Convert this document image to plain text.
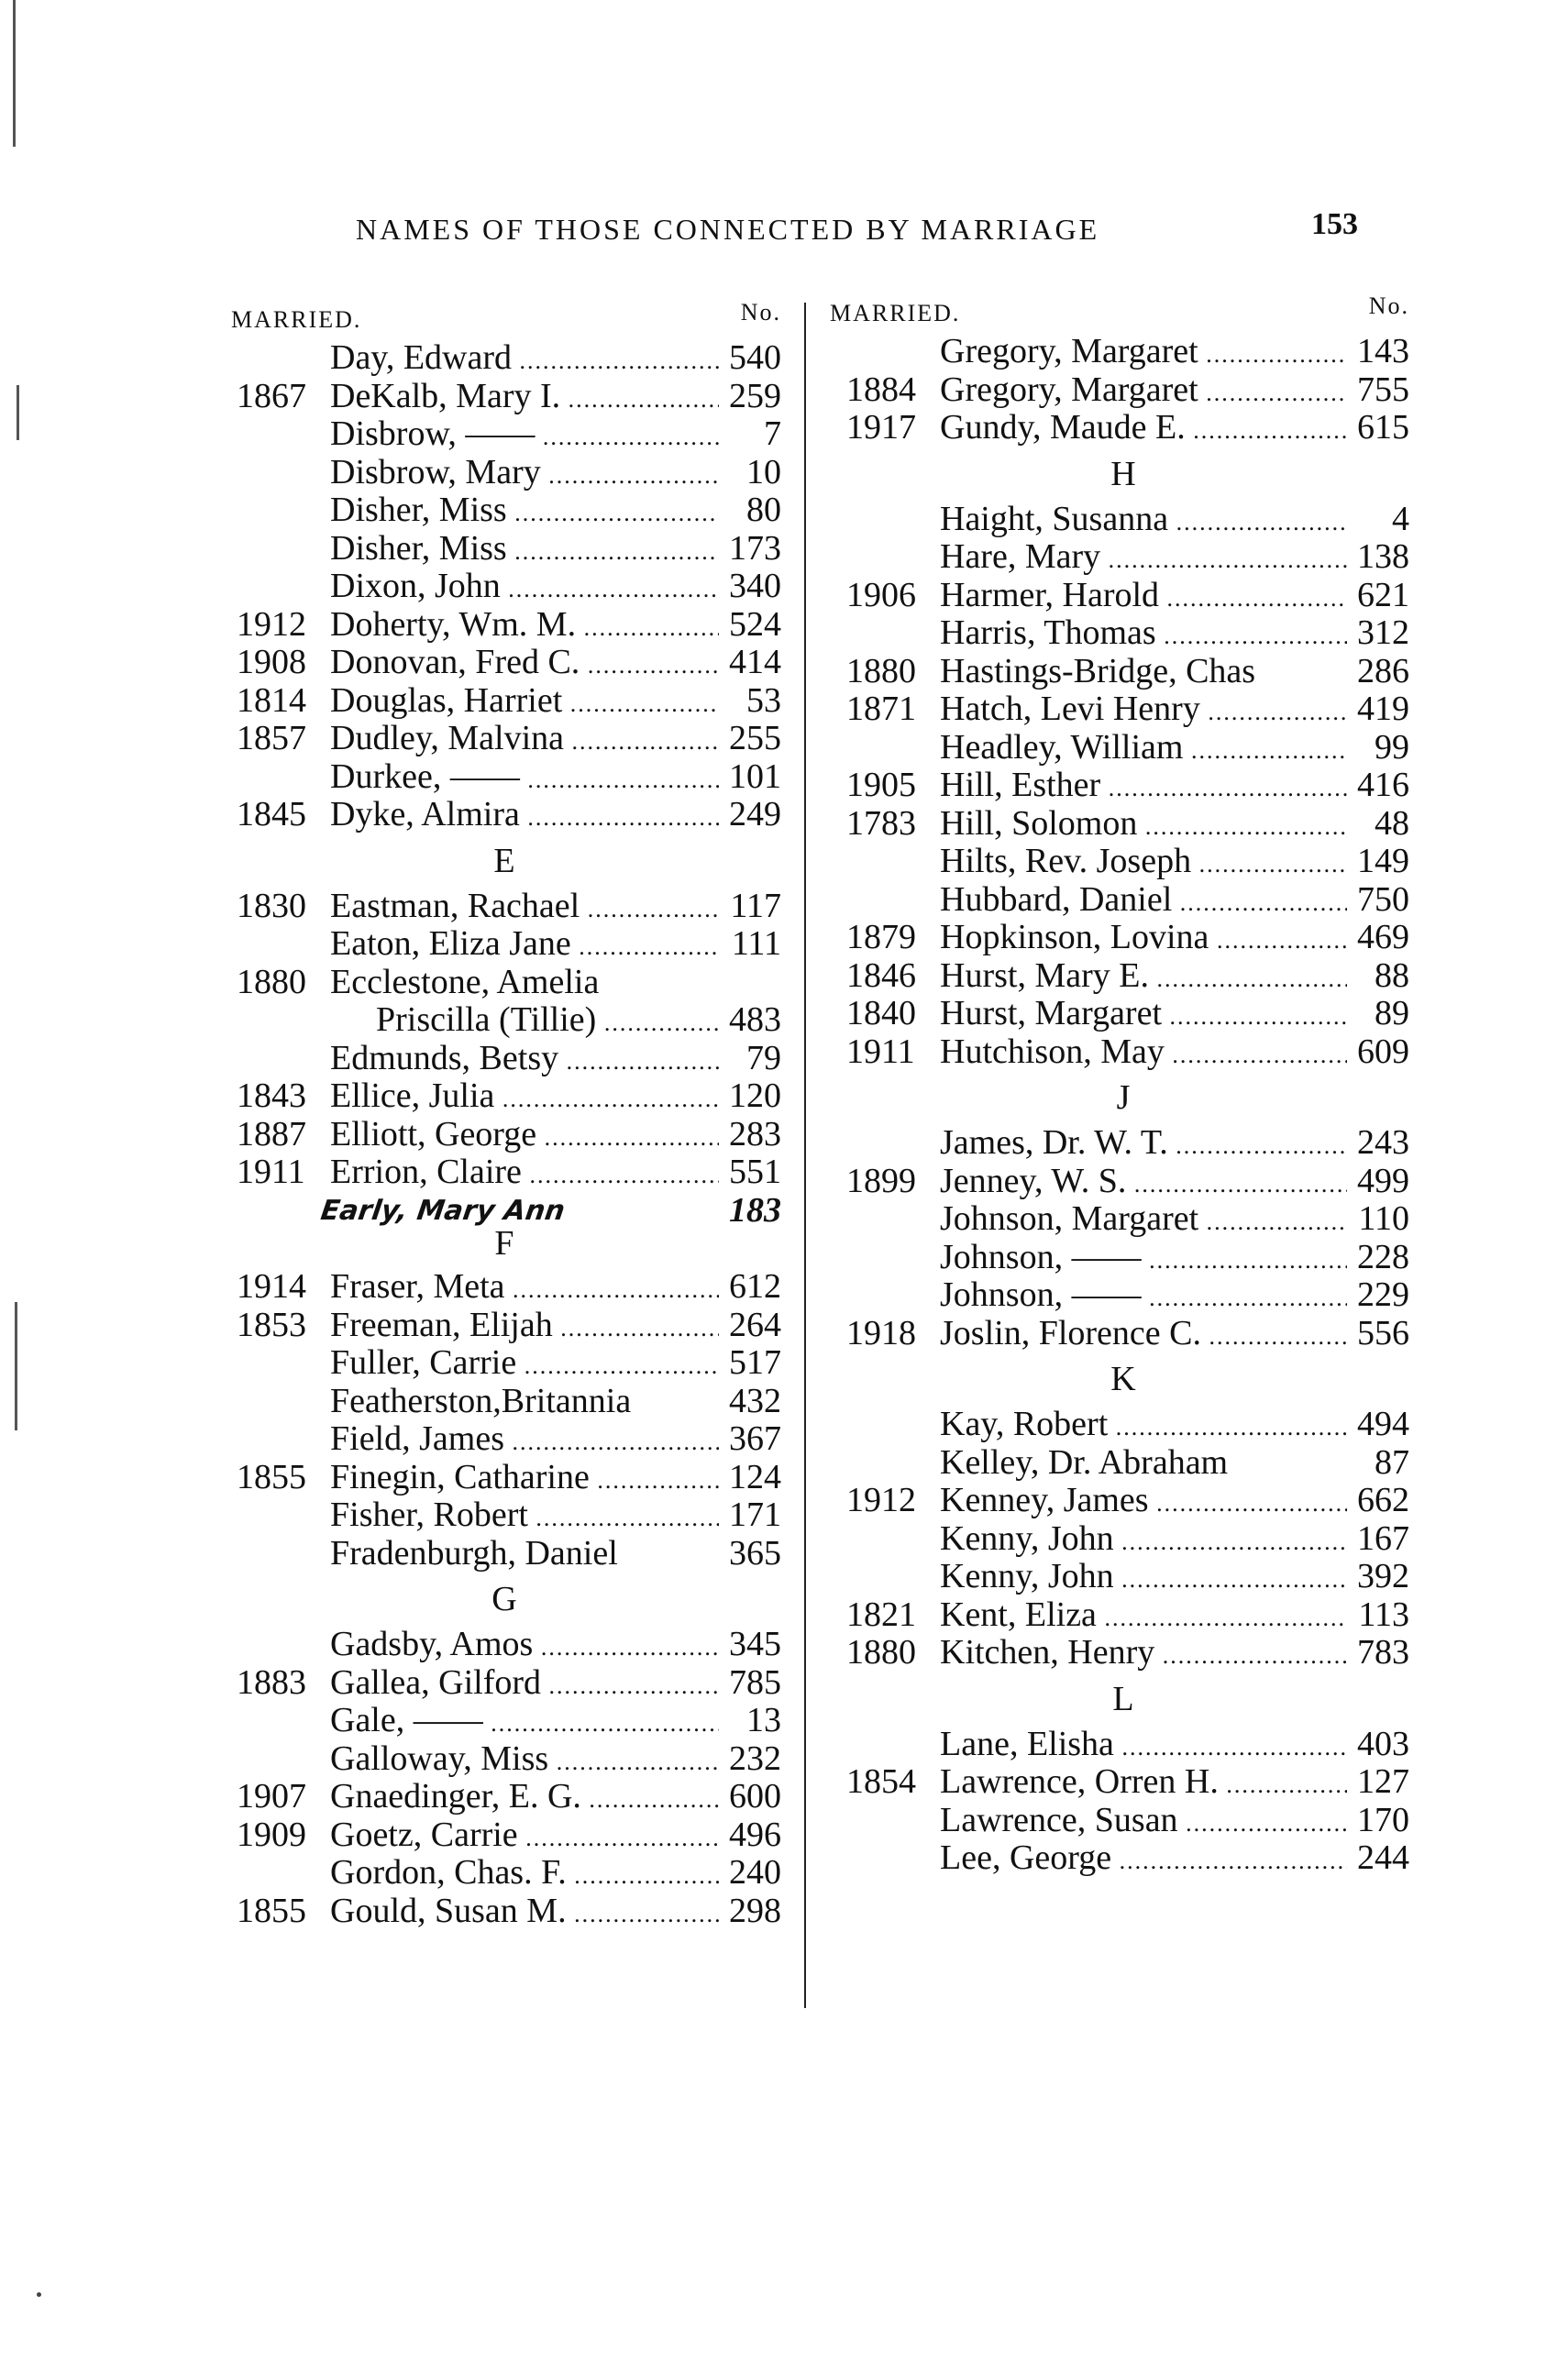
NAMES OF THOSE CONNECTED BY MARRIAGE	153
MARRIED.	No.
Day, Edward .....	540
1867 DeKalb, Mary I. .....	259
Disbrow, —— .....	7
Disbrow, Mary .....	10
Disher, Miss .....	80
Disher, Miss .....	173
Dixon, John .....	340
1912 Doherty, Wm. M. .....	524
1908 Donovan, Fred C. .....	414
1814 Douglas, Harriet .....	53
1857 Dudley, Malvina .....	255
Durkee, —— .....	101
1845 Dyke, Almira .....	249
E
1830 Eastman, Rachael .....	117
Eaton, Eliza Jane .....	111
1880 Ecclestone, Amelia
Priscilla (Tillie) .....	483
Edmunds, Betsy .....	79
1843 Ellice, Julia .....	120
1887 Elliott, George .....	283
1911 Errion, Claire .....	551
Early, Mary Ann	183
F
1914 Fraser, Meta .....	612
1853 Freeman, Elijah .....	264
Fuller, Carrie .....	517
Featherston,Britannia	432
Field, James .....	367
1855 Finegin, Catharine .....	124
Fisher, Robert .....	171
Fradenburgh, Daniel	365
G
Gadsby, Amos .....	345
1883 Gallea, Gilford .....	785
Gale, —— .....	13
Galloway, Miss .....	232
1907 Gnaedinger, E. G. .....	600
1909 Goetz, Carrie .....	496
Gordon, Chas. F. .....	240
1855 Gould, Susan M. .....	298
MARRIED.	No.
Gregory, Margaret .....	143
1884 Gregory, Margaret .....	755
1917 Gundy, Maude E. .....	615
H
Haight, Susanna .....	4
Hare, Mary .....	138
1906 Harmer, Harold .....	621
Harris, Thomas .....	312
1880 Hastings-Bridge, Chas	286
1871 Hatch, Levi Henry .....	419
Headley, William .....	99
1905 Hill, Esther .....	416
1783 Hill, Solomon .....	48
Hilts, Rev. Joseph .....	149
Hubbard, Daniel .....	750
1879 Hopkinson, Lovina .....	469
1846 Hurst, Mary E. .....	88
1840 Hurst, Margaret .....	89
1911 Hutchison, May .....	609
J
James, Dr. W. T. .....	243
1899 Jenney, W. S. .....	499
Johnson, Margaret .....	110
Johnson, —— .....	228
Johnson, —— .....	229
1918 Joslin, Florence C. .....	556
K
Kay, Robert .....	494
Kelley, Dr. Abraham	87
1912 Kenney, James .....	662
Kenny, John .....	167
Kenny, John .....	392
1821 Kent, Eliza .....	113
1880 Kitchen, Henry .....	783
L
Lane, Elisha .....	403
1854 Lawrence, Orren H. .....	127
Lawrence, Susan .....	170
Lee, George .....	244
